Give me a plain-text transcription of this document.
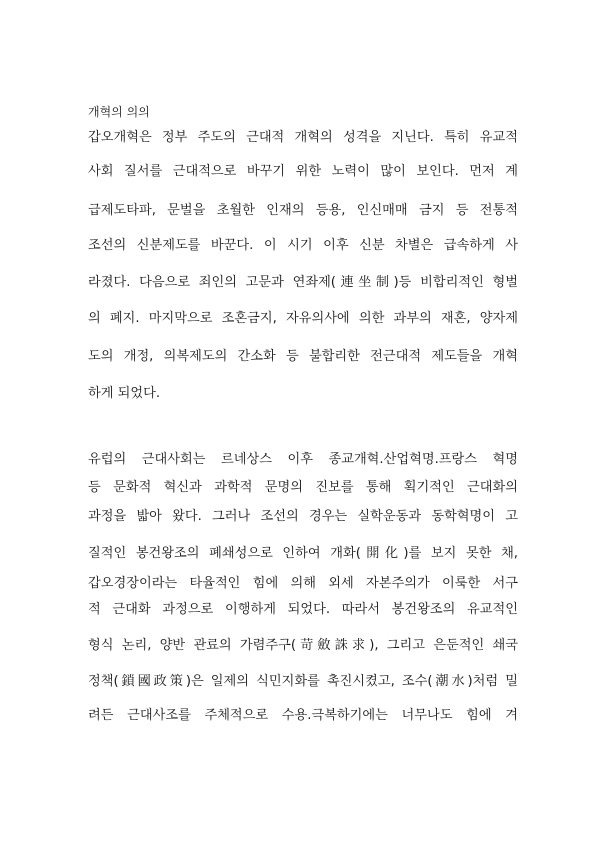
개혁의 의의
갑오개혁은 정부 주도의 근대적 개혁의 성격을 지닌다. 특히 유교적
사회 질서를 근대적으로 바꾸기 위한 노력이 많이 보인다. 먼저 계
급제도타파, 문벌을 초월한 인재의 등용, 인신매매 금지 등 전통적
조선의 신분제도를 바꾼다. 이 시기 이후 신분 차별은 급속하게 사
라졌다. 다음으로 죄인의 고문과 연좌제(連坐制)등 비합리적인 형벌
의 폐지. 마지막으로 조혼금지, 자유의사에 의한 과부의 재혼, 양자제
도의 개정, 의복제도의 간소화 등 불합리한 전근대적 제도들을 개혁
하게 되었다.
유럽의 근대사회는 르네상스 이후 종교개혁.산업혁명.프랑스 혁명
등 문화적 혁신과 과학적 문명의 진보를 통해 획기적인 근대화의
과정을 밟아 왔다. 그러나 조선의 경우는 실학운동과 동학혁명이 고
질적인 봉건왕조의 폐쇄성으로 인하여 개화(開化)를 보지 못한 채,
갑오경장이라는 타율적인 힘에 의해 외세 자본주의가 이룩한 서구
적 근대화 과정으로 이행하게 되었다. 따라서 봉건왕조의 유교적인
형식 논리, 양반 관료의 가렴주구(苛斂誅求), 그리고 은둔적인 쇄국
정책(鎖國政策)은 일제의 식민지화를 촉진시켰고, 조수(潮水)처럼 밀
려든 근대사조를 주체적으로 수용.극복하기에는 너무나도 힘에 겨
